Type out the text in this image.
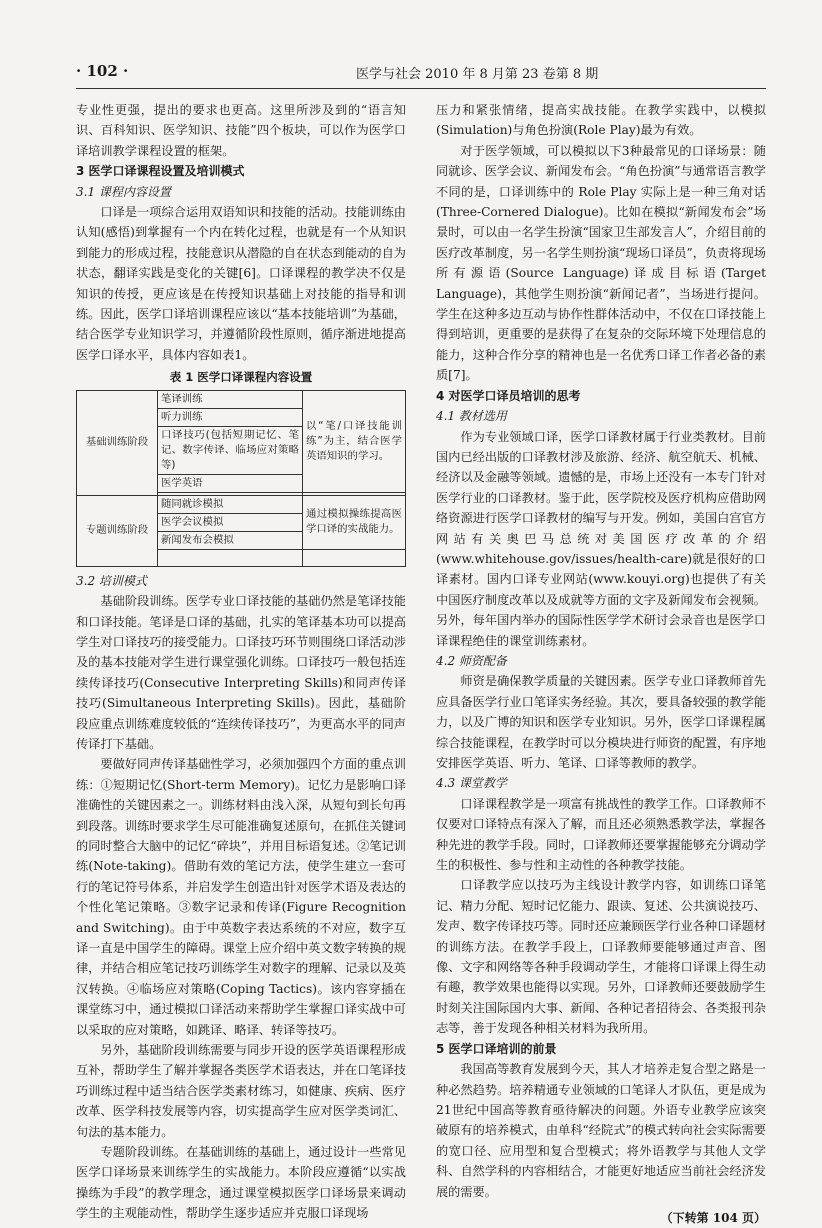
· 102 ·	医学与社会 2010 年 8 月第 23 卷第 8 期

专业性更强，提出的要求也更高。这里所涉及到的“语言知识、百科知识、医学知识、技能”四个板块，可以作为医学口译培训教学课程设置的框架。

3 医学口译课程设置及培训模式
3.1 课程内容设置

口译是一项综合运用双语知识和技能的活动。技能训练由认知(感悟)到掌握有一个内在转化过程，也就是有一个从知识到能力的形成过程，技能意识从潜隐的自在状态到能动的自为状态，翻译实践是变化的关键[6]。口译课程的教学决不仅是知识的传授，更应该是在传授知识基础上对技能的指导和训练。因此，医学口译培训课程应该以“基本技能培训”为基础，结合医学专业知识学习，并遵循阶段性原则，循序渐进地提高医学口译水平，具体内容如表1。

表 1 医学口译课程内容设置
基础训练阶段	笔译训练	以“笔/口译技能训练”为主，结合医学英语知识的学习。
	听力训练	
	口译技巧(包括短期记忆、笔记、数字传译、临场应对策略等)	
	医学英语	

专题训练阶段	随同就诊模拟	通过模拟操练提高医学口译的实战能力。
	医学会议模拟	
	新闻发布会模拟	

3.2 培训模式

基础阶段训练。医学专业口译技能的基础仍然是笔译技能和口译技能。笔译是口译的基础，扎实的笔译基本功可以提高学生对口译技巧的接受能力。口译技巧环节则围绕口译活动涉及的基本技能对学生进行课堂强化训练。口译技巧一般包括连续传译技巧(Consecutive Interpreting Skills)和同声传译技巧(Simultaneous Interpreting Skills)。因此，基础阶段应重点训练难度较低的“连续传译技巧”，为更高水平的同声传译打下基础。

要做好同声传译基础性学习，必须加强四个方面的重点训练：①短期记忆(Short-term Memory)。记忆力是影响口译准确性的关键因素之一。训练材料由浅入深，从短句到长句再到段落。训练时要求学生尽可能准确复述原句，在抓住关键词的同时整合大脑中的记忆“碎块”，并用目标语复述。②笔记训练(Note-taking)。借助有效的笔记方法，使学生建立一套可行的笔记符号体系，并启发学生创造出针对医学术语及表达的个性化笔记策略。③数字记录和传译(Figure Recognition and Switching)。由于中英数字表达系统的不对应，数字互译一直是中国学生的障碍。课堂上应介绍中英文数字转换的规律，并结合相应笔记技巧训练学生对数字的理解、记录以及英汉转换。④临场应对策略(Coping Tactics)。该内容穿插在课堂练习中，通过模拟口译活动来帮助学生掌握口译实战中可以采取的应对策略，如跳译、略译、转译等技巧。

另外，基础阶段训练需要与同步开设的医学英语课程形成互补，帮助学生了解并掌握各类医学术语表达，并在口笔译技巧训练过程中适当结合医学类素材练习，如健康、疾病、医疗改革、医学科技发展等内容，切实提高学生应对医学类词汇、句法的基本能力。

专题阶段训练。在基础训练的基础上，通过设计一些常见医学口译场景来训练学生的实战能力。本阶段应遵循“以实战操练为手段”的教学理念，通过课堂模拟医学口译场景来调动学生的主观能动性，帮助学生逐步适应并克服口译现场

压力和紧张情绪，提高实战技能。在教学实践中，以模拟(Simulation)与角色扮演(Role Play)最为有效。

对于医学领域，可以模拟以下3种最常见的口译场景：随同就诊、医学会议、新闻发布会。“角色扮演”与通常语言教学不同的是，口译训练中的 Role Play 实际上是一种三角对话(Three-Cornered Dialogue)。比如在模拟“新闻发布会”场景时，可以由一名学生扮演“国家卫生部发言人”，介绍目前的医疗改革制度，另一名学生则扮演“现场口译员”，负责将现场所有源语(Source Language)译成目标语(Target Language)，其他学生则扮演“新闻记者”，当场进行提问。学生在这种多边互动与协作性群体活动中，不仅在口译技能上得到培训，更重要的是获得了在复杂的交际环境下处理信息的能力，这种合作分享的精神也是一名优秀口译工作者必备的素质[7]。

4 对医学口译员培训的思考
4.1 教材选用

作为专业领域口译，医学口译教材属于行业类教材。目前国内已经出版的口译教材涉及旅游、经济、航空航天、机械、经济以及金融等领域。遗憾的是，市场上还没有一本专门针对医学行业的口译教材。鉴于此，医学院校及医疗机构应借助网络资源进行医学口译教材的编写与开发。例如，美国白宫官方网站有关奥巴马总统对美国医疗改革的介绍(www.whitehouse.gov/issues/health-care)就是很好的口译素材。国内口译专业网站(www.kouyi.org)也提供了有关中国医疗制度改革以及成就等方面的文字及新闻发布会视频。另外，每年国内举办的国际性医学学术研讨会录音也是医学口译课程绝佳的课堂训练素材。

4.2 师资配备

师资是确保教学质量的关键因素。医学专业口译教师首先应具备医学行业口笔译实务经验。其次，要具备较强的教学能力，以及广博的知识和医学专业知识。另外，医学口译课程属综合技能课程，在教学时可以分模块进行师资的配置，有序地安排医学英语、听力、笔译、口译等教师的教学。

4.3 课堂教学

口译课程教学是一项富有挑战性的教学工作。口译教师不仅要对口译特点有深入了解，而且还必须熟悉教学法，掌握各种先进的教学手段。同时，口译教师还要掌握能够充分调动学生的积极性、参与性和主动性的各种教学技能。

口译教学应以技巧为主线设计教学内容，如训练口译笔记、精力分配、短时记忆能力、跟读、复述、公共演说技巧、发声、数字传译技巧等。同时还应兼顾医学行业各种口译题材的训练方法。在教学手段上，口译教师要能够通过声音、图像、文字和网络等各种手段调动学生，才能将口译课上得生动有趣，教学效果也能得以实现。另外，口译教师还要鼓励学生时刻关注国际国内大事、新闻、各种记者招待会、各类报刊杂志等，善于发现各种相关材料为我所用。

5 医学口译培训的前景

我国高等教育发展到今天，其人才培养走复合型之路是一种必然趋势。培养精通专业领域的口笔译人才队伍，更是成为21世纪中国高等教育亟待解决的问题。外语专业教学应该突破原有的培养模式，由单科“经院式”的模式转向社会实际需要的宽口径、应用型和复合型模式；将外语教学与其他人文学科、自然学科的内容相结合，才能更好地适应当前社会经济发展的需要。

（下转第 104 页）
